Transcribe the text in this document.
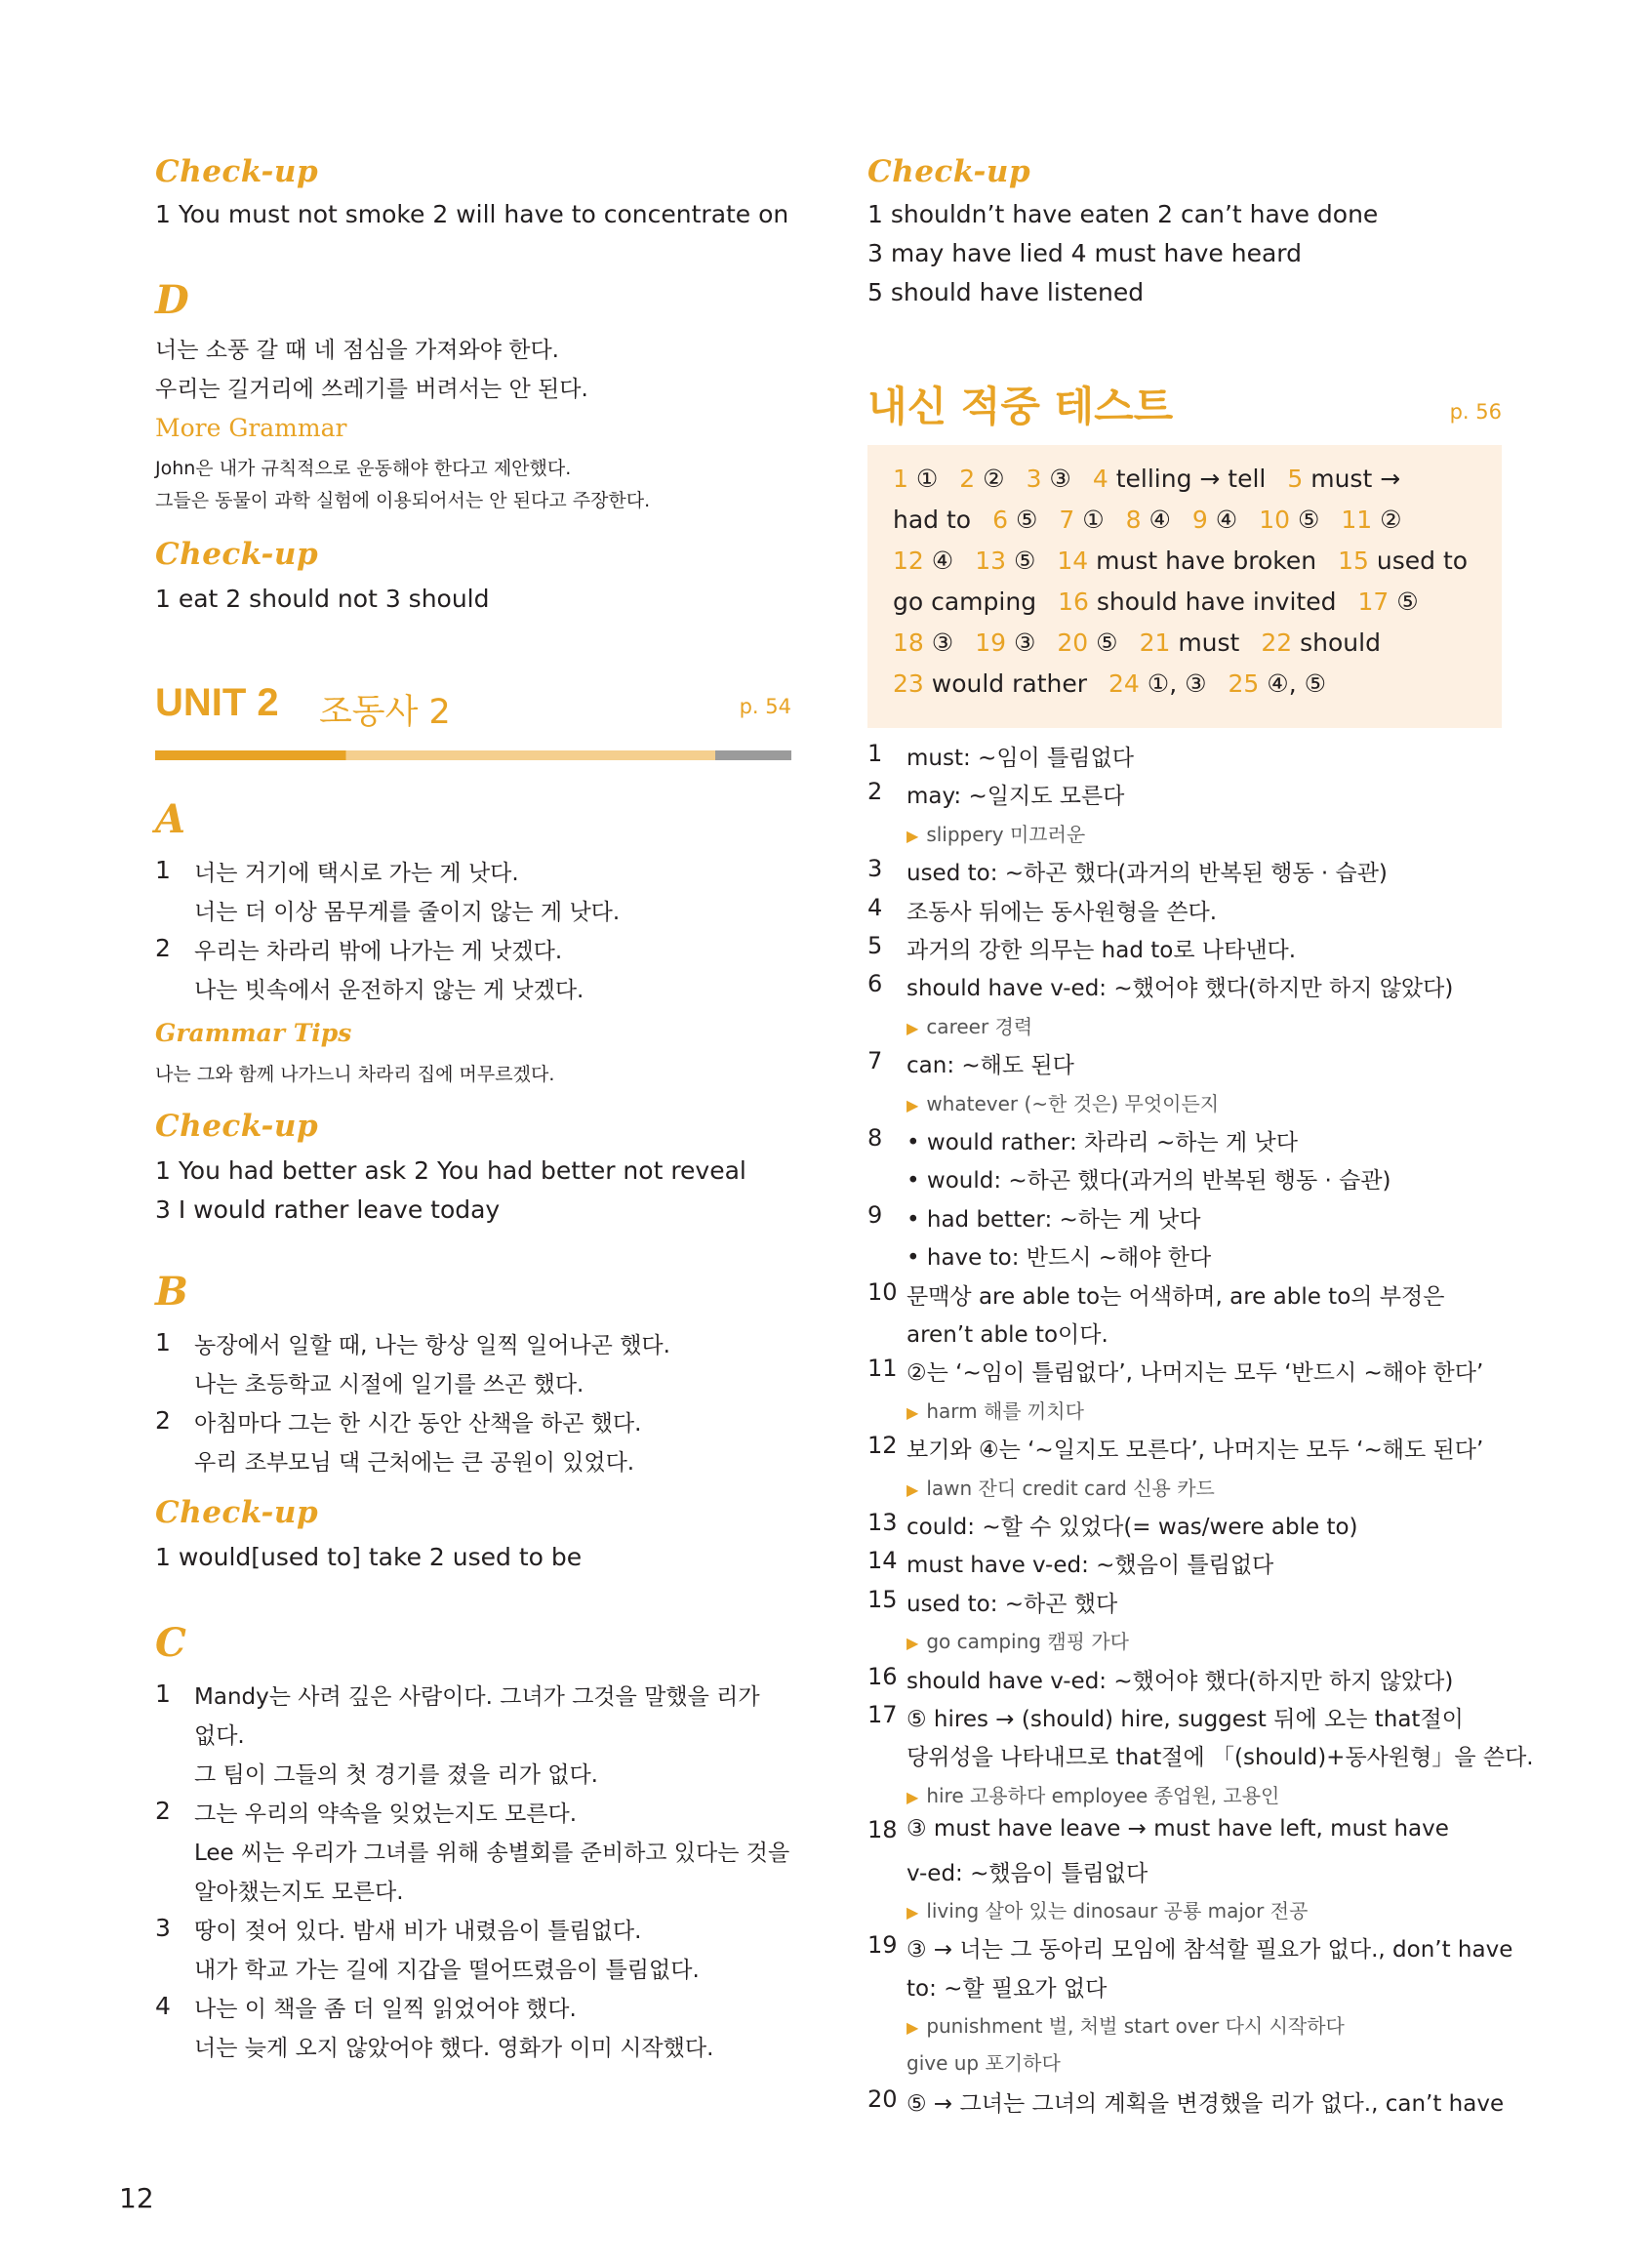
Check-up
1 You must not smoke 2 will have to concentrate on
D
너는 소풍 갈 때 네 점심을 가져와야 한다.
우리는 길거리에 쓰레기를 버려서는 안 된다.
More Grammar
John은 내가 규칙적으로 운동해야 한다고 제안했다.
그들은 동물이 과학 실험에 이용되어서는 안 된다고 주장한다.
Check-up
1 eat 2 should not 3 should
UNIT 2 조동사 2	p. 54
A
1 너는 거기에 택시로 가는 게 낫다.
너는 더 이상 몸무게를 줄이지 않는 게 낫다.
2 우리는 차라리 밖에 나가는 게 낫겠다.
나는 빗속에서 운전하지 않는 게 낫겠다.
Grammar Tips
나는 그와 함께 나가느니 차라리 집에 머무르겠다.
Check-up
1 You had better ask 2 You had better not reveal
3 I would rather leave today
B
1 농장에서 일할 때, 나는 항상 일찍 일어나곤 했다.
나는 초등학교 시절에 일기를 쓰곤 했다.
2 아침마다 그는 한 시간 동안 산책을 하곤 했다.
우리 조부모님 댁 근처에는 큰 공원이 있었다.
Check-up
1 would[used to] take 2 used to be
C
1 Mandy는 사려 깊은 사람이다. 그녀가 그것을 말했을 리가
없다.
그 팀이 그들의 첫 경기를 졌을 리가 없다.
2 그는 우리의 약속을 잊었는지도 모른다.
Lee 씨는 우리가 그녀를 위해 송별회를 준비하고 있다는 것을
알아챘는지도 모른다.
3 땅이 젖어 있다. 밤새 비가 내렸음이 틀림없다.
내가 학교 가는 길에 지갑을 떨어뜨렸음이 틀림없다.
4 나는 이 책을 좀 더 일찍 읽었어야 했다.
너는 늦게 오지 않았어야 했다. 영화가 이미 시작했다.
Check-up
1 shouldn’t have eaten 2 can’t have done
3 may have lied 4 must have heard
5 should have listened
내신 적중 테스트	p. 56
1 ① 2 ② 3 ③ 4 telling → tell 5 must →
had to 6 ⑤ 7 ① 8 ④ 9 ④ 10 ⑤ 11 ②
12 ④ 13 ⑤ 14 must have broken 15 used to
go camping 16 should have invited 17 ⑤
18 ③ 19 ③ 20 ⑤ 21 must 22 should
23 would rather 24 ①, ③ 25 ④, ⑤
1 must: ~임이 틀림없다
2 may: ~일지도 모른다
▶ slippery 미끄러운
3 used to: ~하곤 했다(과거의 반복된 행동 · 습관)
4 조동사 뒤에는 동사원형을 쓴다.
5 과거의 강한 의무는 had to로 나타낸다.
6 should have v-ed: ~했어야 했다(하지만 하지 않았다)
▶ career 경력
7 can: ~해도 된다
▶ whatever (~한 것은) 무엇이든지
8 • would rather: 차라리 ~하는 게 낫다
• would: ~하곤 했다(과거의 반복된 행동 · 습관)
9 • had better: ~하는 게 낫다
• have to: 반드시 ~해야 한다
10 문맥상 are able to는 어색하며, are able to의 부정은
aren’t able to이다.
11 ②는 ‘~임이 틀림없다’, 나머지는 모두 ‘반드시 ~해야 한다’
▶ harm 해를 끼치다
12 보기와 ④는 ‘~일지도 모른다’, 나머지는 모두 ‘~해도 된다’
▶ lawn 잔디 credit card 신용 카드
13 could: ~할 수 있었다(= was/were able to)
14 must have v-ed: ~했음이 틀림없다
15 used to: ~하곤 했다
▶ go camping 캠핑 가다
16 should have v-ed: ~했어야 했다(하지만 하지 않았다)
17 ⑤ hires → (should) hire, suggest 뒤에 오는 that절이
당위성을 나타내므로 that절에 「(should)+동사원형」을 쓴다.
▶ hire 고용하다 employee 종업원, 고용인
18 ③ must have leave → must have left, must have
v-ed: ~했음이 틀림없다
▶ living 살아 있는 dinosaur 공룡 major 전공
19 ③ → 너는 그 동아리 모임에 참석할 필요가 없다., don’t have
to: ~할 필요가 없다
▶ punishment 벌, 처벌 start over 다시 시작하다
give up 포기하다
20 ⑤ → 그녀는 그녀의 계획을 변경했을 리가 없다., can’t have
12
